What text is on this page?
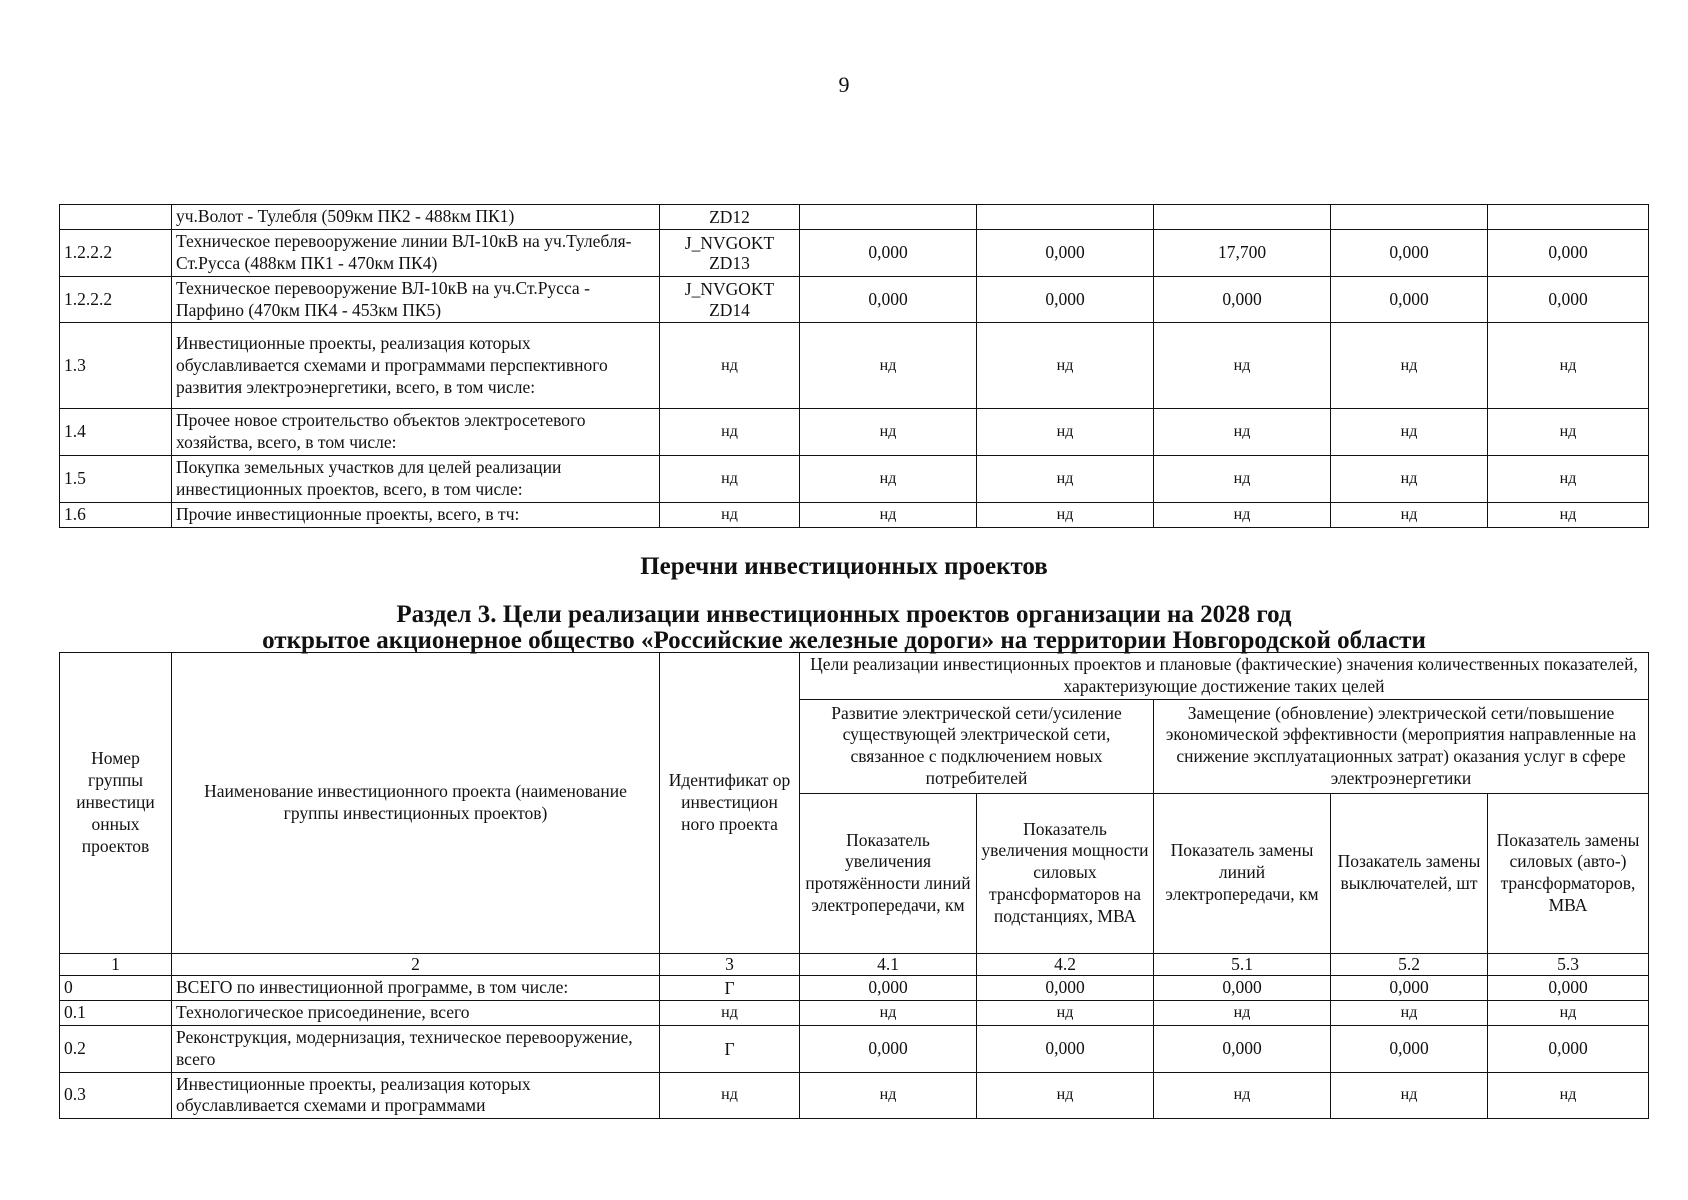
9
	уч.Волот - Тулебля (509км ПК2 - 488км ПК1)	ZD12					
1.2.2.2	Техническое перевооружение линии ВЛ-10кВ на уч.Тулебля- Ст.Русса (488км ПК1 - 470км ПК4)	J_NVGOKT ZD13	0,000	0,000	17,700	0,000	0,000
1.2.2.2	Техническое перевооружение ВЛ-10кВ на уч.Ст.Русса - Парфино (470км ПК4 - 453км ПК5)	J_NVGOKT ZD14	0,000	0,000	0,000	0,000	0,000
1.3	Инвестиционные проекты, реализация которых обуславливается схемами и программами перспективного развития электроэнергетики, всего, в том числе:	нд	нд	нд	нд	нд	нд
1.4	Прочее новое строительство объектов электросетевого хозяйства, всего, в том числе:	нд	нд	нд	нд	нд	нд
1.5	Покупка земельных участков для целей реализации инвестиционных проектов, всего, в том числе:	нд	нд	нд	нд	нд	нд
1.6	Прочие инвестиционные проекты, всего, в тч:	нд	нд	нд	нд	нд	нд
Перечни инвестиционных проектов
Раздел 3. Цели реализации инвестиционных проектов организации на 2028 год
открытое акционерное общество «Российские железные дороги» на территории Новгородской области
Номер группы инвестици онных проектов	Наименование инвестиционного проекта (наименование группы инвестиционных проектов)	Идентификат ор инвестицион ного проекта	Цели реализации инвестиционных проектов и плановые (фактические) значения количественных показателей, характеризующие достижение таких целей				
			Развитие электрической сети/усиление существующей электрической сети, связанное с подключением новых потребителей		Замещение (обновление) электрической сети/повышение экономической эффективности (мероприятия направленные на снижение эксплуатационных затрат) оказания услуг в сфере электроэнергетики		
			Показатель увеличения протяжённости линий электропередачи, км	Показатель увеличения мощности силовых трансформаторов на подстанциях, МВА	Показатель замены линий электропередачи, км	Позакатель замены выключателей, шт	Показатель замены силовых (авто-) трансформаторов, МВА
1	2	3	4.1	4.2	5.1	5.2	5.3
0	ВСЕГО по инвестиционной программе, в том числе:	Г	0,000	0,000	0,000	0,000	0,000
0.1	Технологическое присоединение, всего	нд	нд	нд	нд	нд	нд
0.2	Реконструкция, модернизация, техническое перевооружение, всего	Г	0,000	0,000	0,000	0,000	0,000
0.3	Инвестиционные проекты, реализация которых обуславливается схемами и программами	нд	нд	нд	нд	нд	нд
